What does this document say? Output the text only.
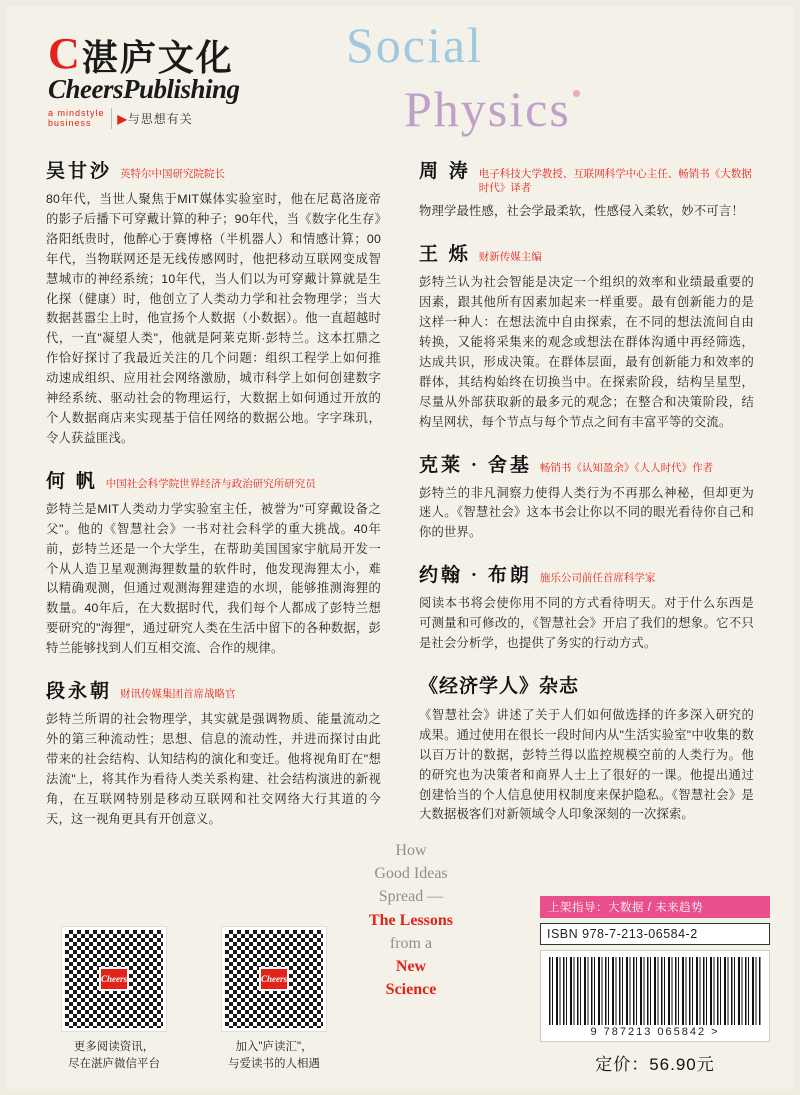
C 湛庐文化
CheersPublishing
a mindstyle
business	▶与思想有关
Social
Physics
吴甘沙 英特尔中国研究院院长
80年代，当世人聚焦于MIT媒体实验室时，他在尼葛洛庞帝的影子后播下可穿戴计算的种子；90年代，当《数字化生存》洛阳纸贵时，他醉心于赛博格（半机器人）和情感计算；00年代，当物联网还是无线传感网时，他把移动互联网变成智慧城市的神经系统；10年代，当人们以为可穿戴计算就是生化探（健康）时，他创立了人类动力学和社会物理学；当大数据甚嚣尘上时，他宣扬个人数据（小数据）。他一直超越时代，一直"凝望人类"，他就是阿莱克斯·彭特兰。这本扛鼎之作恰好探讨了我最近关注的几个问题：组织工程学上如何推动速成组织、应用社会网络激励，城市科学上如何创建数字神经系统、驱动社会的物理运行，大数据上如何通过开放的个人数据商店来实现基于信任网络的数据公地。字字珠玑，令人获益匪浅。
何 帆 中国社会科学院世界经济与政治研究所研究员
彭特兰是MIT人类动力学实验室主任，被誉为"可穿戴设备之父"。他的《智慧社会》一书对社会科学的重大挑战。40年前，彭特兰还是一个大学生，在帮助美国国家宇航局开发一个从人造卫星观测海狸数量的软件时，他发现海狸太小，难以精确观测，但通过观测海狸建造的水坝，能够推测海狸的数量。40年后，在大数据时代，我们每个人都成了彭特兰想要研究的"海狸"，通过研究人类在生活中留下的各种数据，彭特兰能够找到人们互相交流、合作的规律。
段永朝 财讯传媒集团首席战略官
彭特兰所谓的社会物理学，其实就是强调物质、能量流动之外的第三种流动性；思想、信息的流动性，并进而探讨由此带来的社会结构、认知结构的演化和变迁。他将视角盯在"想法流"上，将其作为看待人类关系构建、社会结构演进的新视角，在互联网特别是移动互联网和社交网络大行其道的今天，这一视角更具有开创意义。
周 涛 电子科技大学教授、互联网科学中心主任、畅销书《大数据时代》译者
物理学最性感，社会学最柔软，性感侵入柔软，妙不可言！
王 烁 财新传媒主编
彭特兰认为社会智能是决定一个组织的效率和业绩最重要的因素，跟其他所有因素加起来一样重要。最有创新能力的是这样一种人：在想法流中自由探索，在不同的想法流间自由转换，又能将采集来的观念或想法在群体沟通中再经筛选，达成共识，形成决策。在群体层面，最有创新能力和效率的群体，其结构始终在切换当中。在探索阶段，结构呈星型，尽量从外部获取新的最多元的观念；在整合和决策阶段，结构呈网状，每个节点与每个节点之间有丰富平等的交流。
克莱 · 舍基 畅销书《认知盈余》《人人时代》作者
彭特兰的非凡洞察力使得人类行为不再那么神秘，但却更为迷人。《智慧社会》这本书会让你以不同的眼光看待你自己和你的世界。
约翰 · 布朗 施乐公司前任首席科学家
阅读本书将会使你用不同的方式看待明天。对于什么东西是可测量和可修改的，《智慧社会》开启了我们的想象。它不只是社会分析学，也提供了务实的行动方式。
《经济学人》杂志
《智慧社会》讲述了关于人们如何做选择的许多深入研究的成果。通过使用在很长一段时间内从"生活实验室"中收集的数以百万计的数据，彭特兰得以监控规模空前的人类行为。他的研究也为决策者和商界人士上了很好的一课。他提出通过创建恰当的个人信息使用权制度来保护隐私。《智慧社会》是大数据极客们对新领域令人印象深刻的一次探索。
How
Good Ideas
Spread —
The Lessons
from a
New
Science
Cheers
更多阅读资讯，
尽在湛庐微信平台
Cheers
加入"庐读汇"，
与爱读书的人相遇
上架指导：大数据 / 未来趋势
ISBN 978-7-213-06584-2
9 787213 065842 >
定价：56.90元
